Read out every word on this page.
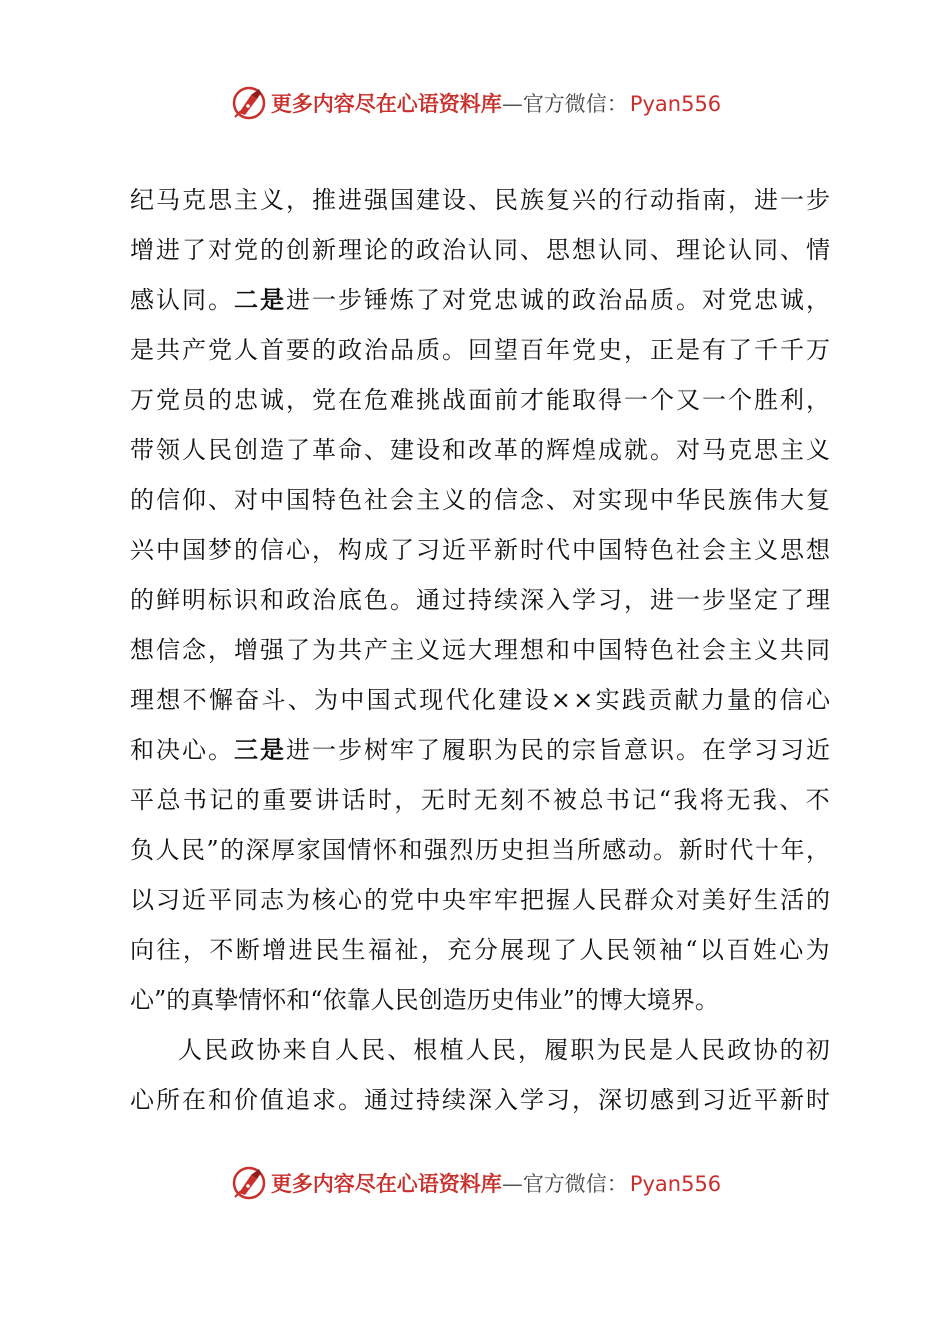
更多内容尽在心语资料库 — 官方微信： Pyan556
纪 马 克 思 主 义 ， 推 进 强 国 建 设 、 民 族 复 兴 的 行 动 指 南 ， 进 一 步
增 进 了 对 党 的 创 新 理 论 的 政 治 认 同 、 思 想 认 同 、 理 论 认 同 、 情
感 认 同 。 二 是 进 一 步 锤 炼 了 对 党 忠 诚 的 政 治 品 质 。 对 党 忠 诚 ，
是 共 产 党 人 首 要 的 政 治 品 质 。 回 望 百 年 党 史 ， 正 是 有 了 千 千 万
万 党 员 的 忠 诚 ， 党 在 危 难 挑 战 面 前 才 能 取 得 一 个 又 一 个 胜 利 ，
带 领 人 民 创 造 了 革 命 、 建 设 和 改 革 的 辉 煌 成 就 。 对 马 克 思 主 义
的 信 仰 、 对 中 国 特 色 社 会 主 义 的 信 念 、 对 实 现 中 华 民 族 伟 大 复
兴 中 国 梦 的 信 心 ， 构 成 了 习 近 平 新 时 代 中 国 特 色 社 会 主 义 思 想
的 鲜 明 标 识 和 政 治 底 色 。 通 过 持 续 深 入 学 习 ， 进 一 步 坚 定 了 理
想 信 念 ， 增 强 了 为 共 产 主 义 远 大 理 想 和 中 国 特 色 社 会 主 义 共 同
理 想 不 懈 奋 斗 、 为 中 国 式 现 代 化 建 设 × × 实 践 贡 献 力 量 的 信 心
和 决 心 。 三 是 进 一 步 树 牢 了 履 职 为 民 的 宗 旨 意 识 。 在 学 习 习 近
平 总 书 记 的 重 要 讲 话 时 ， 无 时 无 刻 不 被 总 书 记 “ 我 将 无 我 、 不
负 人 民 ” 的 深 厚 家 国 情 怀 和 强 烈 历 史 担 当 所 感 动 。 新 时 代 十 年 ，
以 习 近 平 同 志 为 核 心 的 党 中 央 牢 牢 把 握 人 民 群 众 对 美 好 生 活 的
向 往 ， 不 断 增 进 民 生 福 祉 ， 充 分 展 现 了 人 民 领 袖 “ 以 百 姓 心 为
心 ” 的 真 挚 情 怀 和 “ 依 靠 人 民 创 造 历 史 伟 业 ” 的 博 大 境 界 。
人 民 政 协 来 自 人 民 、 根 植 人 民 ， 履 职 为 民 是 人 民 政 协 的 初
心 所 在 和 价 值 追 求 。 通 过 持 续 深 入 学 习 ， 深 切 感 到 习 近 平 新 时
更多内容尽在心语资料库 — 官方微信： Pyan556
